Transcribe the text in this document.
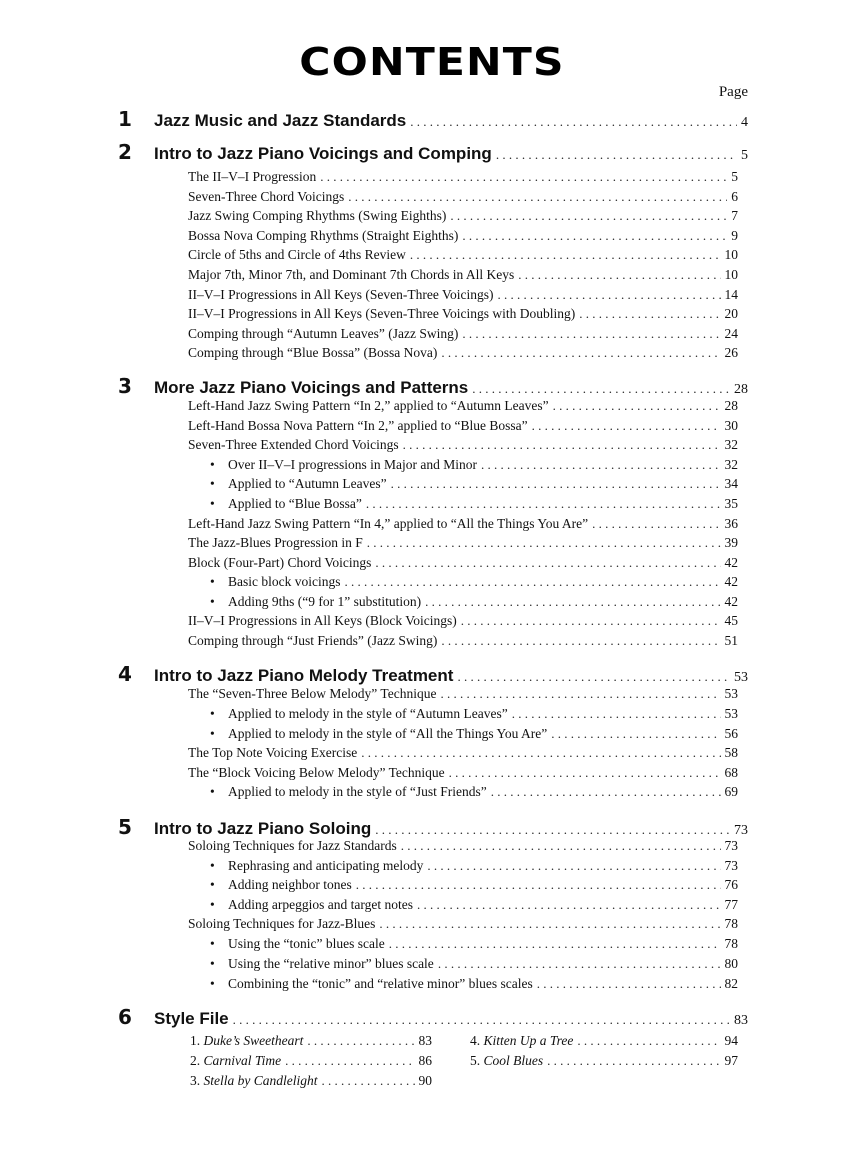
CONTENTS
Page
1	Jazz Music and Jazz Standards . . .	4
2	Intro to Jazz Piano Voicings and Comping . . .	5
The II–V–I Progression . . .	5
Seven-Three Chord Voicings . . .	6
Jazz Swing Comping Rhythms (Swing Eighths) . . .	7
Bossa Nova Comping Rhythms (Straight Eighths) . . .	9
Circle of 5ths and Circle of 4ths Review . . .	10
Major 7th, Minor 7th, and Dominant 7th Chords in All Keys . . .	10
II–V–I Progressions in All Keys (Seven-Three Voicings) . . .	14
II–V–I Progressions in All Keys (Seven-Three Voicings with Doubling) . . .	20
Comping through “Autumn Leaves” (Jazz Swing) . . .	24
Comping through “Blue Bossa” (Bossa Nova) . . .	26
3	More Jazz Piano Voicings and Patterns . . .	28
Left-Hand Jazz Swing Pattern “In 2,” applied to “Autumn Leaves” . . .	28
Left-Hand Bossa Nova Pattern “In 2,” applied to “Blue Bossa” . . .	30
Seven-Three Extended Chord Voicings . . .	32
• Over II–V–I progressions in Major and Minor . . .	32
• Applied to “Autumn Leaves” . . .	34
• Applied to “Blue Bossa” . . .	35
Left-Hand Jazz Swing Pattern “In 4,” applied to “All the Things You Are” . . .	36
The Jazz-Blues Progression in F . . .	39
Block (Four-Part) Chord Voicings . . .	42
• Basic block voicings . . .	42
• Adding 9ths (“9 for 1” substitution) . . .	42
II–V–I Progressions in All Keys (Block Voicings) . . .	45
Comping through “Just Friends” (Jazz Swing) . . .	51
4	Intro to Jazz Piano Melody Treatment . . .	53
The “Seven-Three Below Melody” Technique . . .	53
• Applied to melody in the style of “Autumn Leaves” . . .	53
• Applied to melody in the style of “All the Things You Are” . . .	56
The Top Note Voicing Exercise . . .	58
The “Block Voicing Below Melody” Technique . . .	68
• Applied to melody in the style of “Just Friends” . . .	69
5	Intro to Jazz Piano Soloing . . .	73
Soloing Techniques for Jazz Standards . . .	73
• Rephrasing and anticipating melody . . .	73
• Adding neighbor tones . . .	76
• Adding arpeggios and target notes . . .	77
Soloing Techniques for Jazz-Blues . . .	78
• Using the “tonic” blues scale . . .	78
• Using the “relative minor” blues scale . . .	80
• Combining the “tonic” and “relative minor” blues scales . . .	82
6	Style File . . .	83
1.
Duke’s Sweetheart . . .	83
2.
Carnival Time . . .	86
3.
Stella by Candlelight . . .	90
4.
Kitten Up a Tree . . .	94
5.
Cool Blues . . .	97
